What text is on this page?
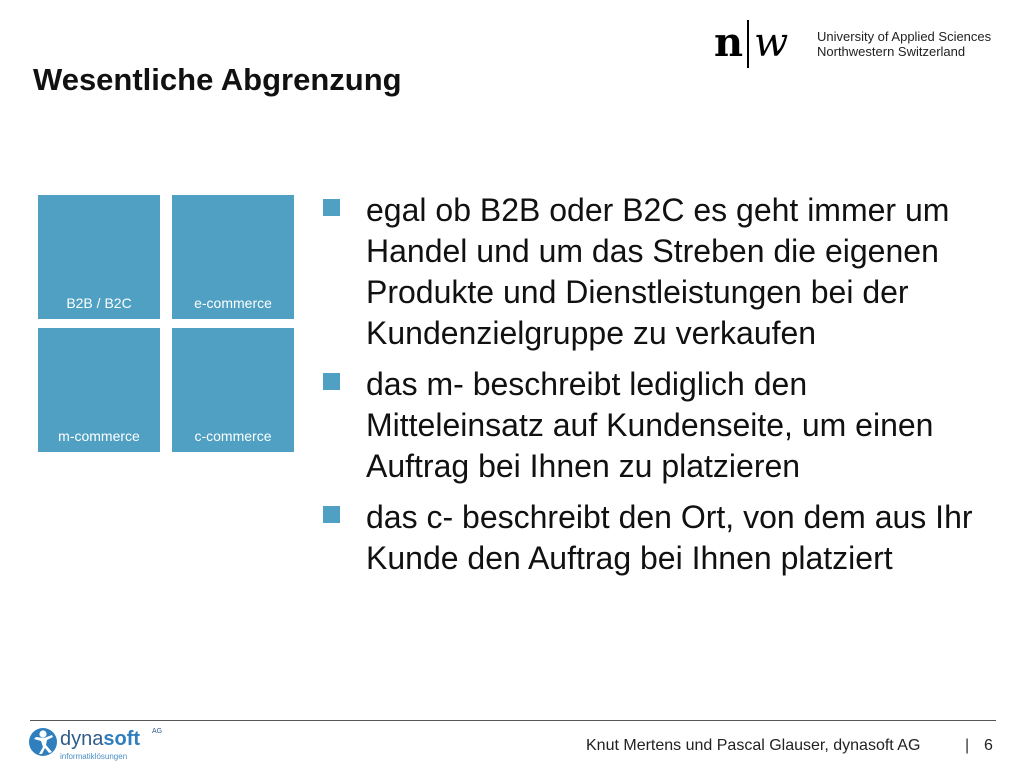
Wesentliche Abgrenzung
n w University of Applied Sciences
Northwestern Switzerland
B2B / B2C	e-commerce
m-commerce	c-commerce
egal ob B2B oder B2C es geht immer um Handel und um das Streben die eigenen Produkte und Dienstleistungen bei der Kundenzielgruppe zu verkaufen
das m- beschreibt lediglich den Mitteleinsatz auf Kundenseite, um einen Auftrag bei Ihnen zu platzieren
das c- beschreibt den Ort, von dem aus Ihr Kunde den Auftrag bei Ihnen platziert
dynasoft AG
informatiklösungen
Knut Mertens und Pascal Glauser, dynasoft AG	| 6
